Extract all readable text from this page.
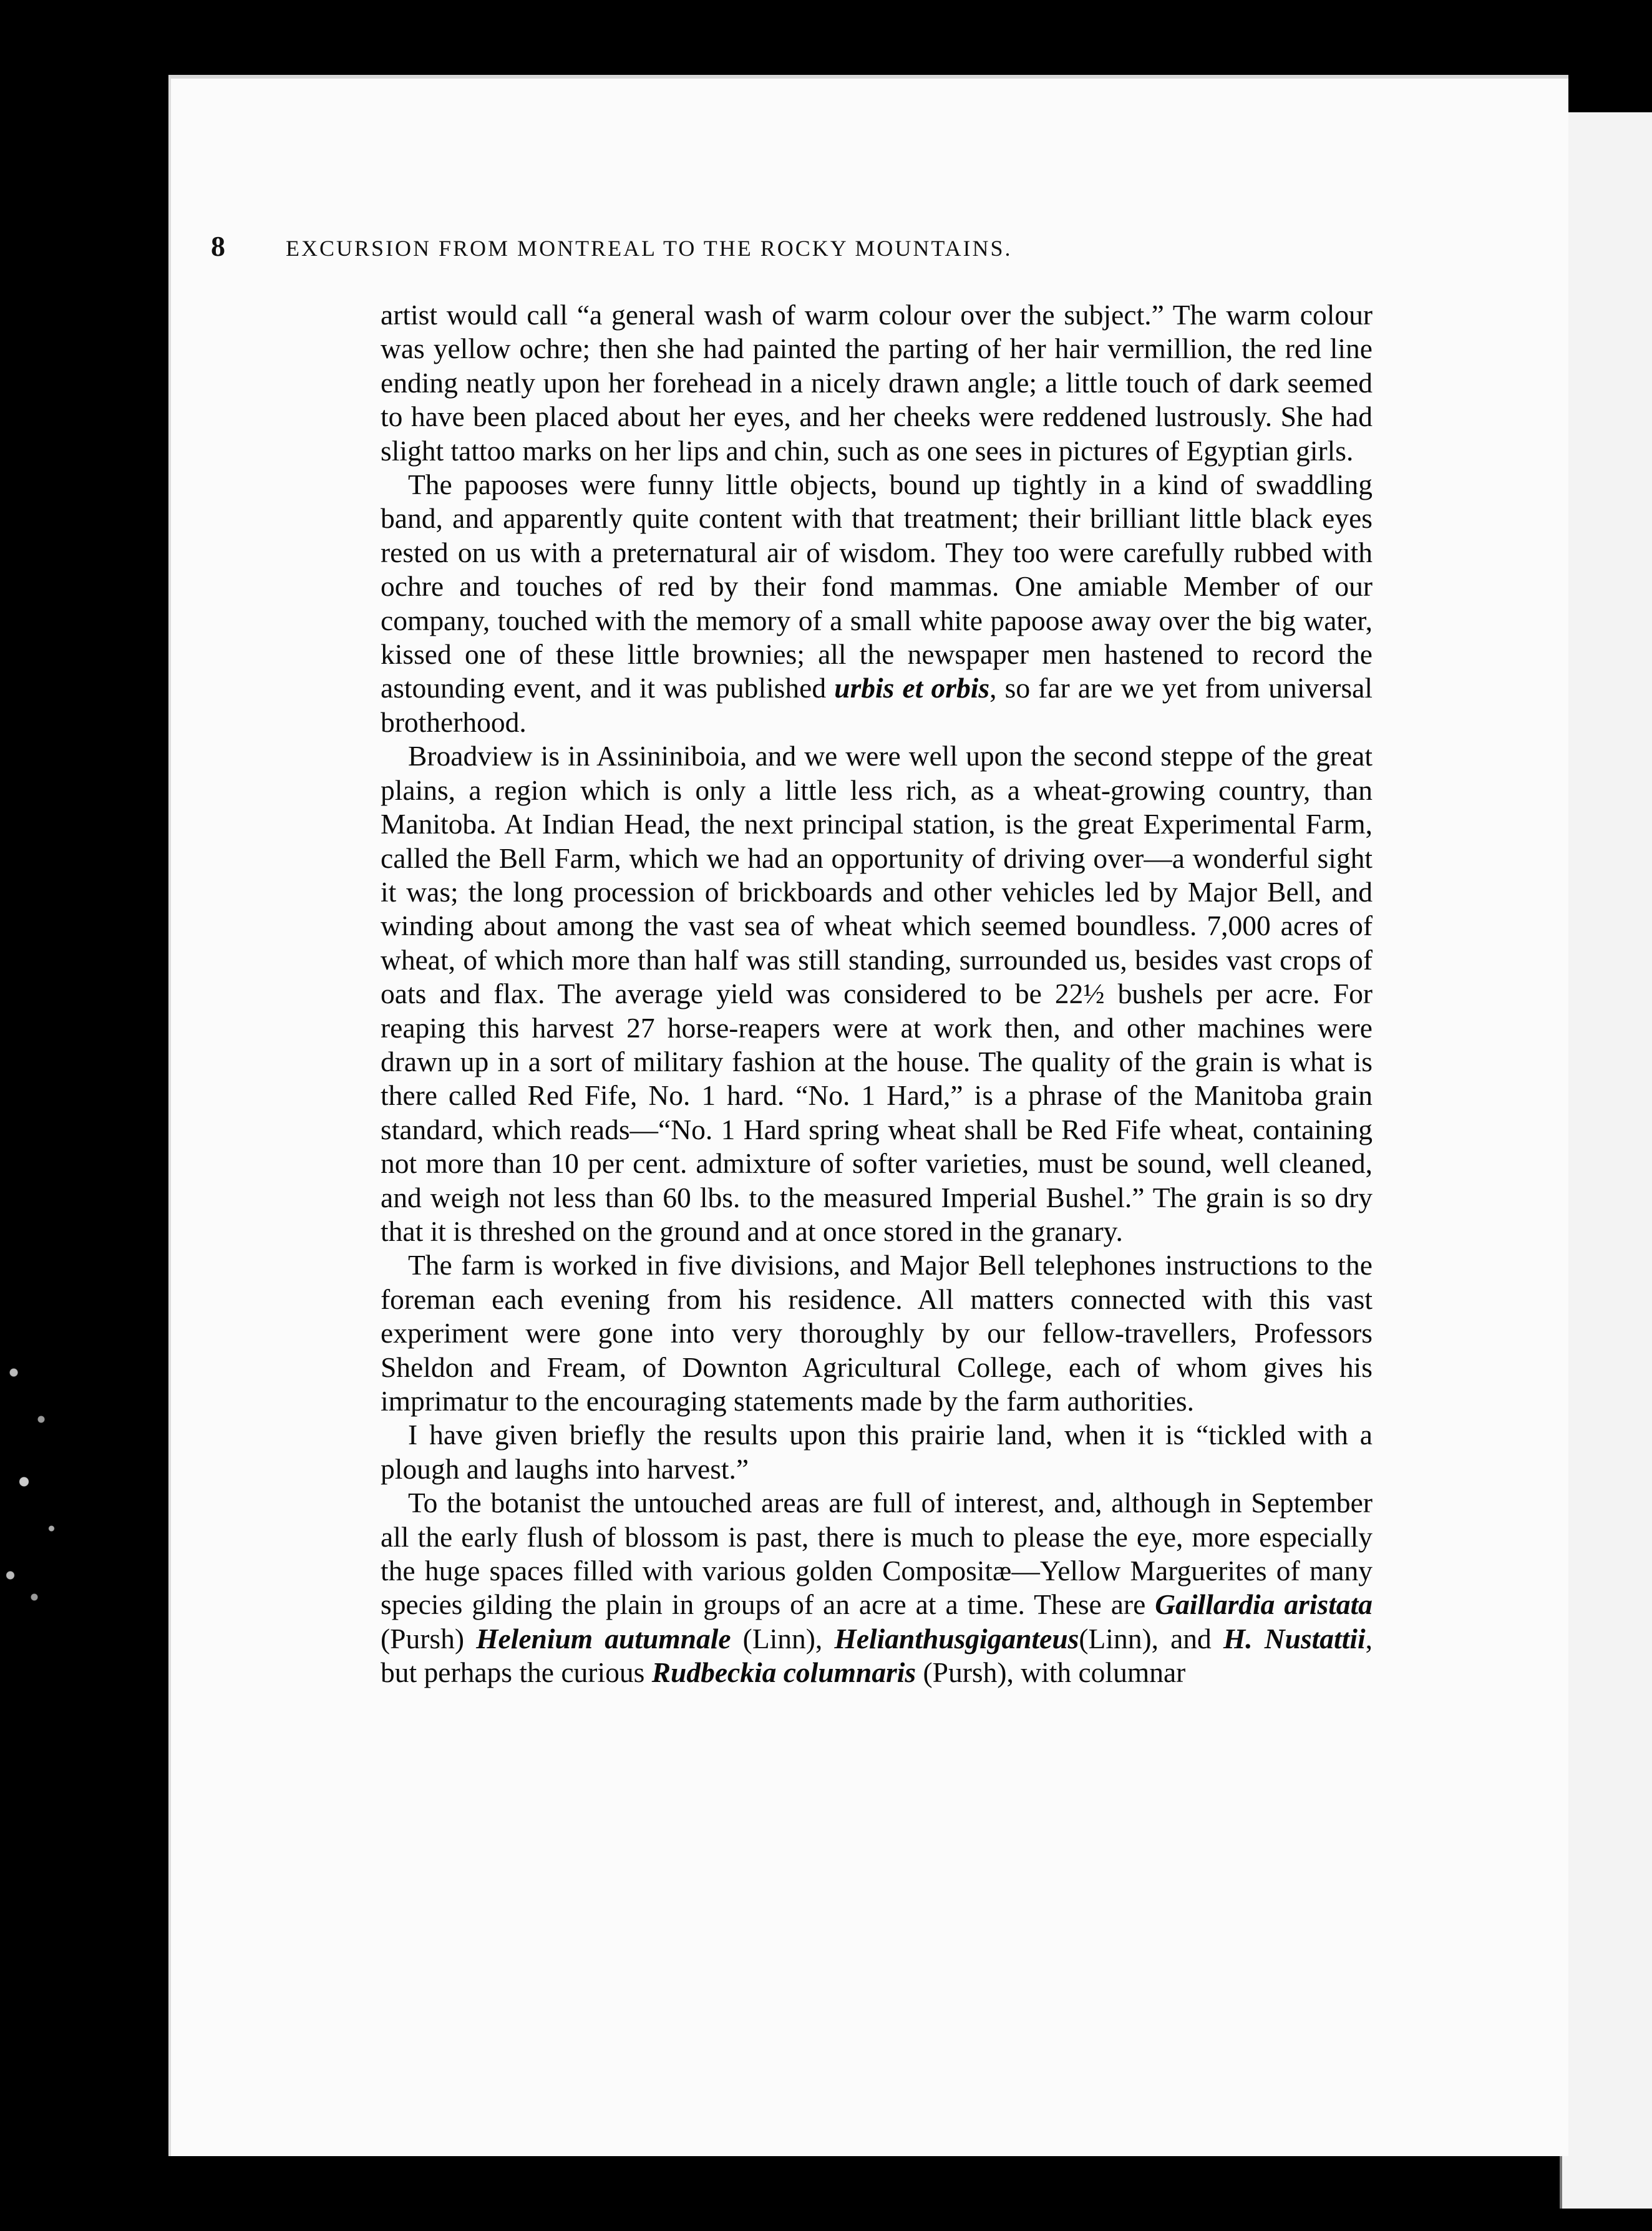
8	EXCURSION FROM MONTREAL TO THE ROCKY MOUNTAINS.

artist would call “a general wash of warm colour over the subject.” The warm colour was yellow ochre; then she had painted the parting of her hair vermillion, the red line ending neatly upon her forehead in a nicely drawn angle; a little touch of dark seemed to have been placed about her eyes, and her cheeks were reddened lustrously. She had slight tattoo marks on her lips and chin, such as one sees in pictures of Egyptian girls.

The papooses were funny little objects, bound up tightly in a kind of swaddling band, and apparently quite content with that treatment; their brilliant little black eyes rested on us with a preternatural air of wisdom. They too were carefully rubbed with ochre and touches of red by their fond mammas. One amiable Member of our company, touched with the memory of a small white papoose away over the big water, kissed one of these little brownies; all the newspaper men hastened to record the astounding event, and it was published urbis et orbis, so far are we yet from universal brotherhood.

Broadview is in Assininiboia, and we were well upon the second steppe of the great plains, a region which is only a little less rich, as a wheat-growing country, than Manitoba. At Indian Head, the next principal station, is the great Experimental Farm, called the Bell Farm, which we had an opportunity of driving over—a wonderful sight it was; the long procession of brickboards and other vehicles led by Major Bell, and winding about among the vast sea of wheat which seemed boundless. 7,000 acres of wheat, of which more than half was still standing, surrounded us, besides vast crops of oats and flax. The average yield was considered to be 22½ bushels per acre. For reaping this harvest 27 horse-reapers were at work then, and other machines were drawn up in a sort of military fashion at the house. The quality of the grain is what is there called Red Fife, No. 1 hard. “No. 1 Hard,” is a phrase of the Manitoba grain standard, which reads—“No. 1 Hard spring wheat shall be Red Fife wheat, containing not more than 10 per cent. admixture of softer varieties, must be sound, well cleaned, and weigh not less than 60 lbs. to the measured Imperial Bushel.” The grain is so dry that it is threshed on the ground and at once stored in the granary.

The farm is worked in five divisions, and Major Bell telephones instructions to the foreman each evening from his residence. All matters connected with this vast experiment were gone into very thoroughly by our fellow-travellers, Professors Sheldon and Fream, of Downton Agricultural College, each of whom gives his imprimatur to the encouraging statements made by the farm authorities.

I have given briefly the results upon this prairie land, when it is “tickled with a plough and laughs into harvest.”

To the botanist the untouched areas are full of interest, and, although in September all the early flush of blossom is past, there is much to please the eye, more especially the huge spaces filled with various golden Compositæ—Yellow Marguerites of many species gilding the plain in groups of an acre at a time. These are Gaillardia aristata (Pursh) Helenium autumnale (Linn), Helianthusgiganteus(Linn), and H. Nustattii, but perhaps the curious Rudbeckia columnaris (Pursh), with columnar
